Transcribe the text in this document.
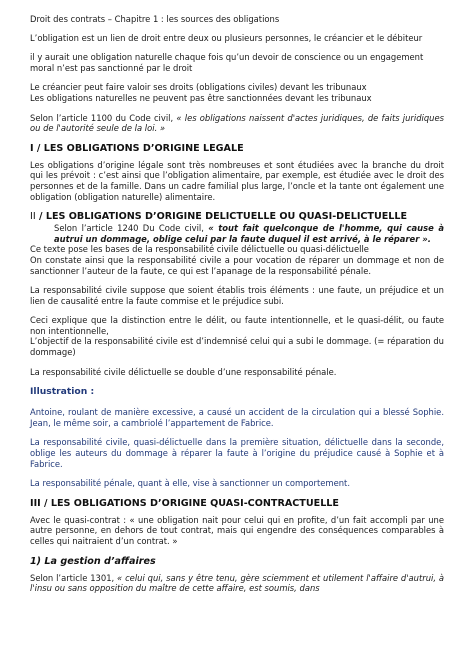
Droit des contrats – Chapitre 1 : les sources des obligations

L’obligation est un lien de droit entre deux ou plusieurs personnes, le créancier et le débiteur

il y aurait une obligation naturelle chaque fois qu’un devoir de conscience ou un engagement moral n’est pas sanctionné par le droit

Le créancier peut faire valoir ses droits (obligations civiles) devant les tribunaux

Les obligations naturelles ne peuvent pas être sanctionnées devant les tribunaux

Selon l’article 1100 du Code civil, « les obligations naissent d'actes juridiques, de faits juridiques ou de l'autorité seule de la loi. »

I / LES OBLIGATIONS D’ORIGINE LEGALE

Les obligations d’origine légale sont très nombreuses et sont étudiées avec la branche du droit qui les prévoit : c’est ainsi que l’obligation alimentaire, par exemple, est étudiée avec le droit des personnes et de la famille. Dans un cadre familial plus large, l’oncle et la tante ont également une obligation (obligation naturelle) alimentaire.

II / LES OBLIGATIONS D’ORIGINE DELICTUELLE OU QUASI-DELICTUELLE

Selon l’article 1240 Du Code civil, « tout fait quelconque de l'homme, qui cause à autrui un dommage, oblige celui par la faute duquel il est arrivé, à le réparer ».

Ce texte pose les bases de la responsabilité civile délictuelle ou quasi-délictuelle

On constate ainsi que la responsabilité civile a pour vocation de réparer un dommage et non de sanctionner l’auteur de la faute, ce qui est l’apanage de la responsabilité pénale.

La responsabilité civile suppose que soient établis trois éléments : une faute, un préjudice et un lien de causalité entre la faute commise et le préjudice subi.

Ceci explique que la distinction entre le délit, ou faute intentionnelle, et le quasi-délit, ou faute non intentionnelle,

L’objectif de la responsabilité civile est d’indemnisé celui qui a subi le dommage. (= réparation du dommage)

La responsabilité civile délictuelle se double d’une responsabilité pénale.

Illustration :

Antoine, roulant de manière excessive, a causé un accident de la circulation qui a blessé Sophie. Jean, le même soir, a cambriolé l’appartement de Fabrice.

La responsabilité civile, quasi-délictuelle dans la première situation, délictuelle dans la seconde, oblige les auteurs du dommage à réparer la faute à l’origine du préjudice causé à Sophie et à Fabrice.

La responsabilité pénale, quant à elle, vise à sanctionner un comportement.

III / LES OBLIGATIONS D’ORIGINE QUASI-CONTRACTUELLE

Avec le quasi-contrat : « une obligation nait pour celui qui en profite, d’un fait accompli par une autre personne, en dehors de tout contrat, mais qui engendre des conséquences comparables à celles qui naitraient d’un contrat. »

1) La gestion d’affaires

Selon l’article 1301, « celui qui, sans y être tenu, gère sciemment et utilement l'affaire d'autrui, à l'insu ou sans opposition du maître de cette affaire, est soumis, dans
